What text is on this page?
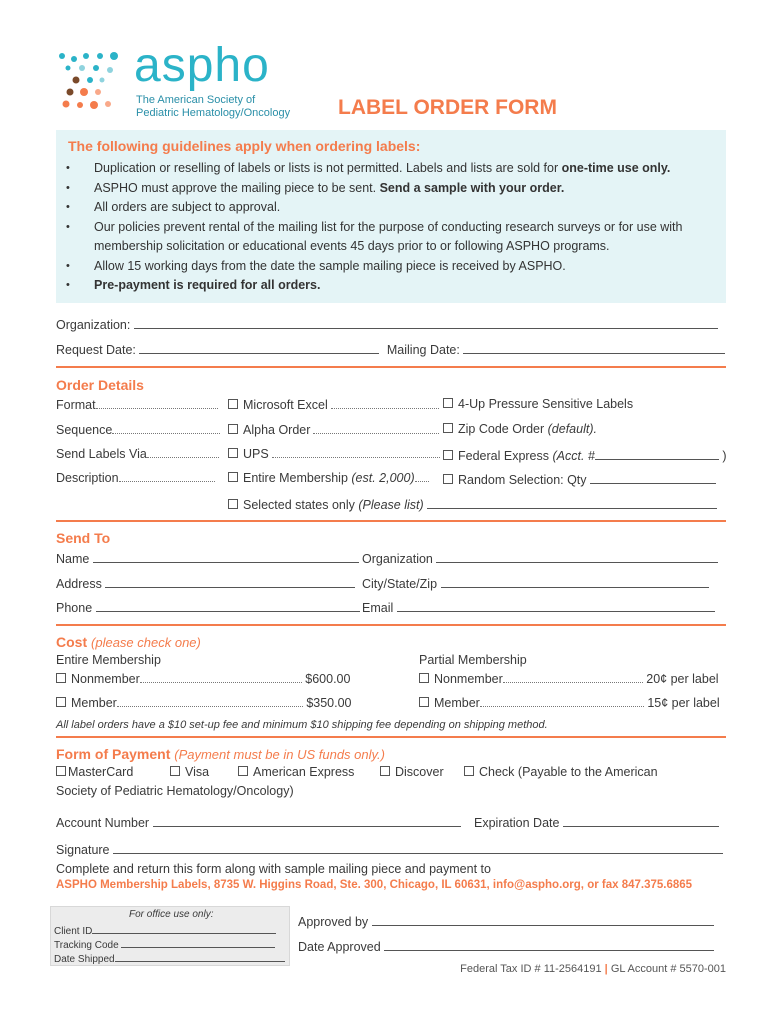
aspho
The American Society of
Pediatric Hematology/Oncology LABEL ORDER FORM
The following guidelines apply when ordering labels:
• Duplication or reselling of labels or lists is not permitted. Labels and lists are sold for one-time use only.
• ASPHO must approve the mailing piece to be sent. Send a sample with your order.
• All orders are subject to approval.
• Our policies prevent rental of the mailing list for the purpose of conducting research surveys or for use with membership solicitation or educational events 45 days prior to or following ASPHO programs.
• Allow 15 working days from the date the sample mailing piece is received by ASPHO.
• Pre-payment is required for all orders.
Organization:
Request Date:	Mailing Date:
Order Details
Format	Microsoft Excel	4-Up Pressure Sensitive Labels
Sequence	Alpha Order	Zip Code Order (default).
Send Labels Via	UPS	Federal Express (Acct. #	)
Description	Entire Membership (est. 2,000)	Random Selection: Qty
Selected states only (Please list)
Send To
Name	Organization
Address	City/State/Zip
Phone	Email
Cost (please check one)
Entire Membership	Partial Membership
Nonmember	$600.00	Nonmember	20¢ per label
Member	$350.00	Member	15¢ per label
All label orders have a $10 set-up fee and minimum $10 shipping fee depending on shipping method.
Form of Payment (Payment must be in US funds only.)
MasterCard	Visa	American Express	Discover	Check (Payable to the American
Society of Pediatric Hematology/Oncology)
Account Number	Expiration Date
Signature
Complete and return this form along with sample mailing piece and payment to
ASPHO Membership Labels, 8735 W. Higgins Road, Ste. 300, Chicago, IL 60631, info@aspho.org, or fax 847.375.6865
For office use only:
Client ID
Tracking Code
Date Shipped
Approved by
Date Approved
Federal Tax ID # 11-2564191 | GL Account # 5570-001
